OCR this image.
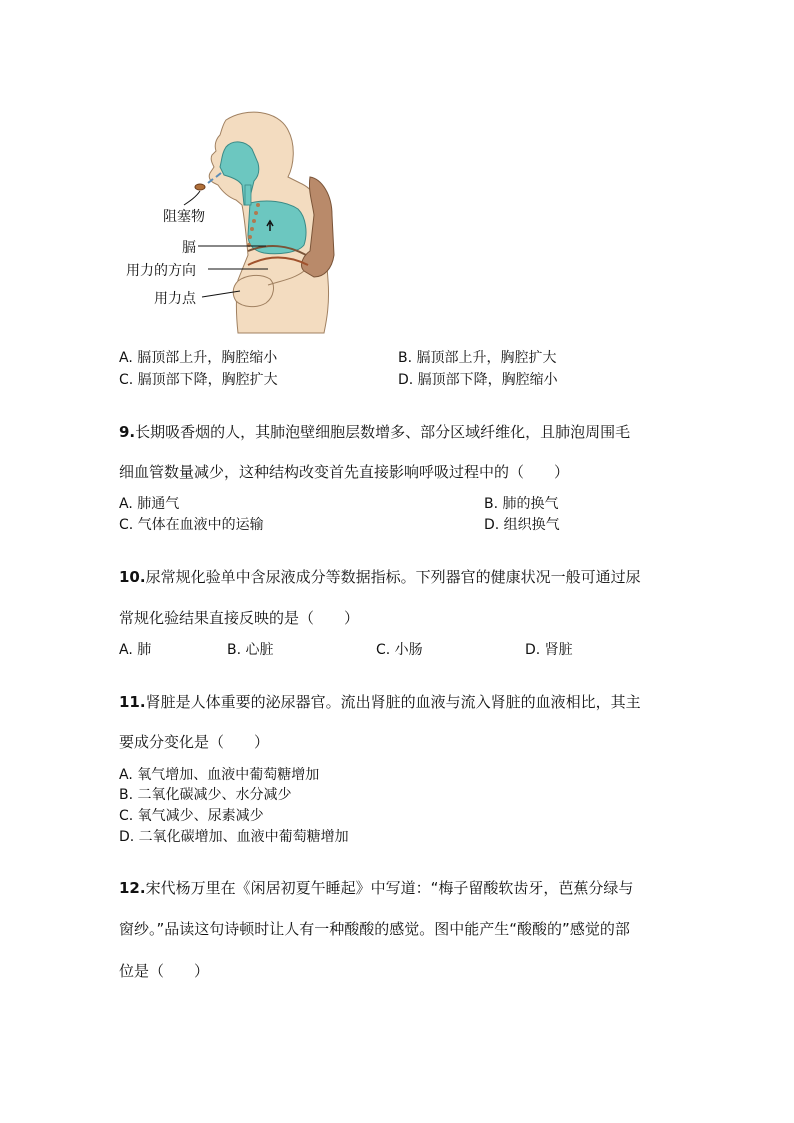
阻塞物
膈
用力的方向
用力点
A. 膈顶部上升，胸腔缩小	B. 膈顶部上升，胸腔扩大
C. 膈顶部下降，胸腔扩大	D. 膈顶部下降，胸腔缩小
9.长期吸香烟的人，其肺泡壁细胞层数增多、部分区域纤维化，且肺泡周围毛
细血管数量减少，这种结构改变首先直接影响呼吸过程中的（　　）
A. 肺通气	B. 肺的换气
C. 气体在血液中的运输	D. 组织换气
10.尿常规化验单中含尿液成分等数据指标。下列器官的健康状况一般可通过尿
常规化验结果直接反映的是（　　）
A. 肺	B. 心脏	C. 小肠	D. 肾脏
11.肾脏是人体重要的泌尿器官。流出肾脏的血液与流入肾脏的血液相比，其主
要成分变化是（　　）
A. 氧气增加、血液中葡萄糖增加
B. 二氧化碳减少、水分减少
C. 氧气减少、尿素减少
D. 二氧化碳增加、血液中葡萄糖增加
12.宋代杨万里在《闲居初夏午睡起》中写道：“梅子留酸软齿牙，芭蕉分绿与
窗纱。”品读这句诗顿时让人有一种酸酸的感觉。图中能产生“酸酸的”感觉的部
位是（　　）
